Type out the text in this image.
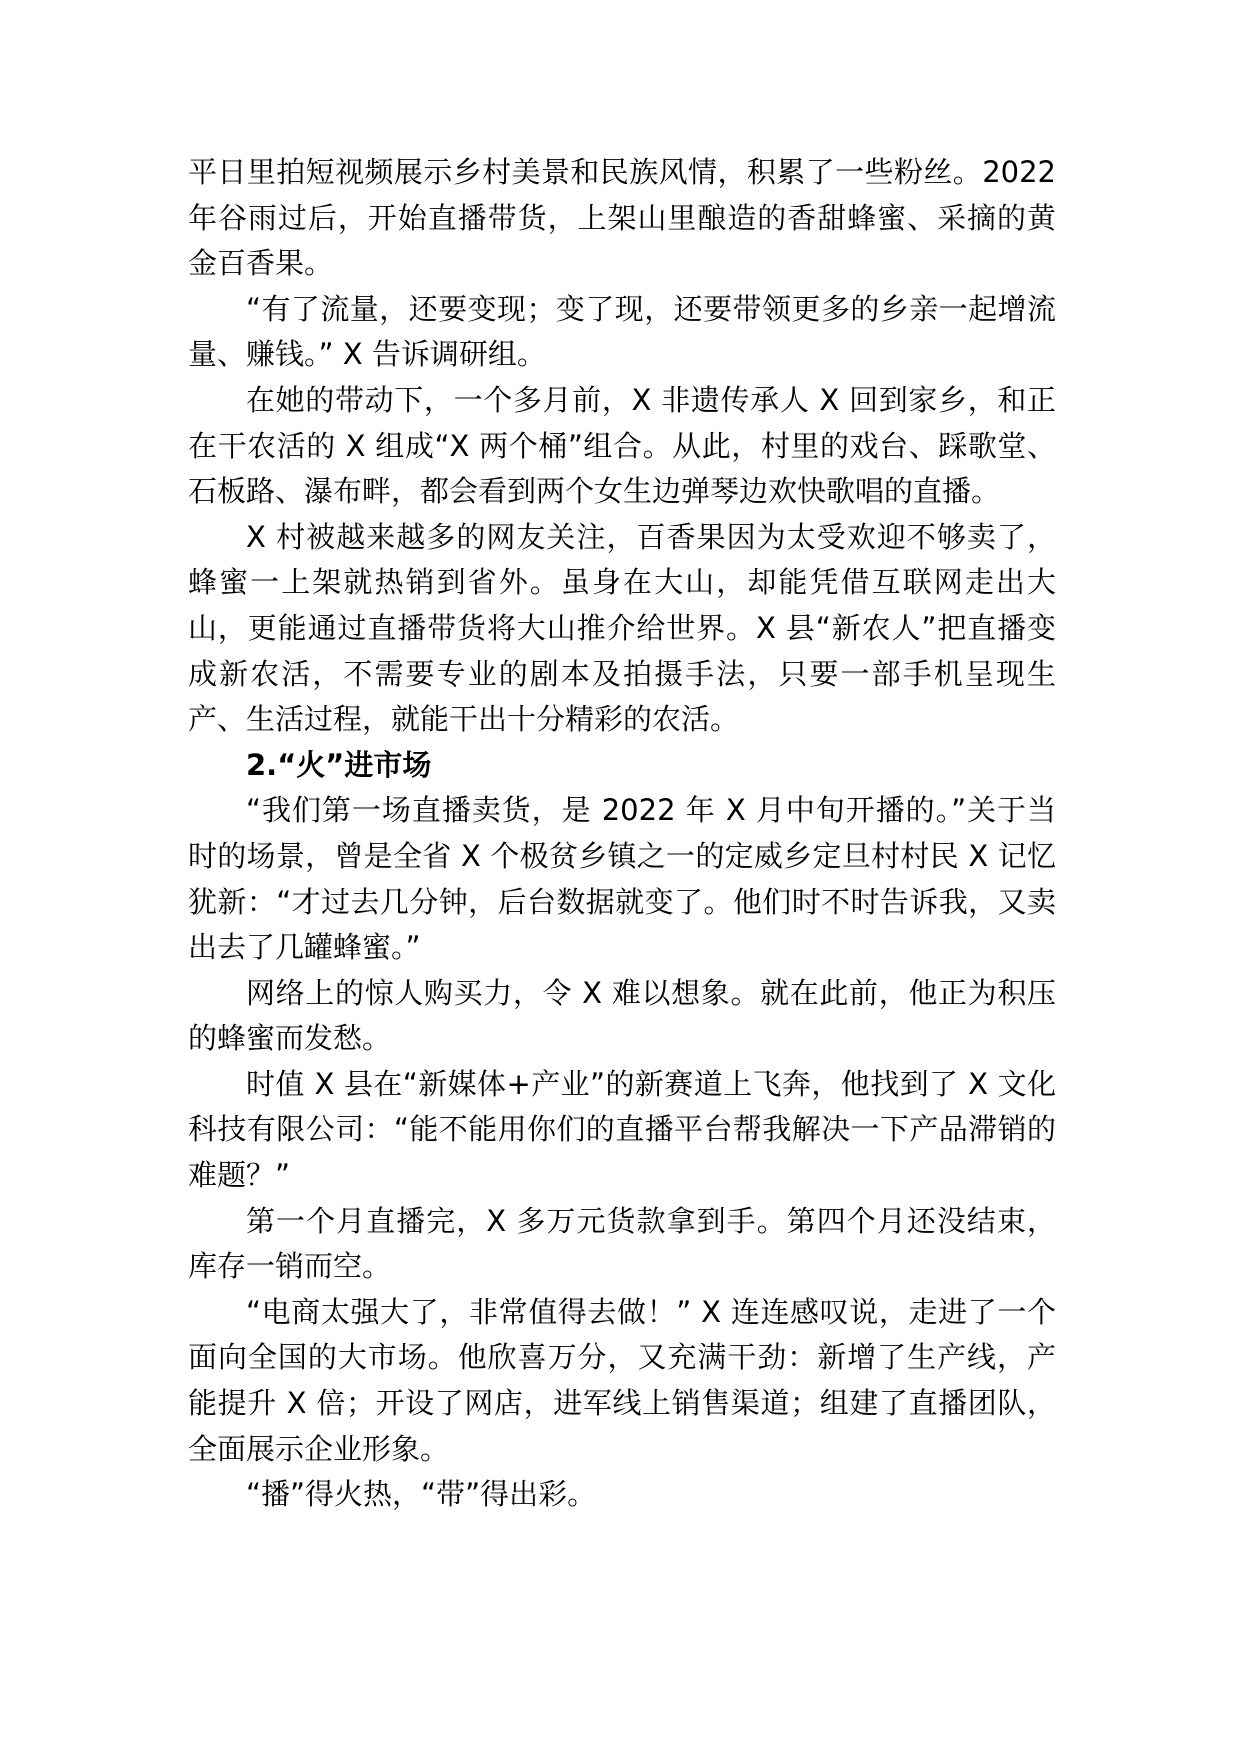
平日里拍短视频展示乡村美景和民族风情，积累了一些粉丝。2022 年谷雨过后，开始直播带货，上架山里酿造的香甜蜂蜜、采摘的黄金百香果。

“有了流量，还要变现；变了现，还要带领更多的乡亲一起增流量、赚钱。” X 告诉调研组。

在她的带动下，一个多月前，X 非遗传承人 X 回到家乡，和正在干农活的 X 组成“X 两个桶”组合。从此，村里的戏台、踩歌堂、石板路、瀑布畔，都会看到两个女生边弹琴边欢快歌唱的直播。

X 村被越来越多的网友关注，百香果因为太受欢迎不够卖了，蜂蜜一上架就热销到省外。虽身在大山，却能凭借互联网走出大山，更能通过直播带货将大山推介给世界。X 县“新农人”把直播变成新农活，不需要专业的剧本及拍摄手法，只要一部手机呈现生产、生活过程，就能干出十分精彩的农活。

2.“火”进市场

“我们第一场直播卖货，是 2022 年 X 月中旬开播的。”关于当时的场景，曾是全省 X 个极贫乡镇之一的定威乡定旦村村民 X 记忆犹新：“才过去几分钟，后台数据就变了。他们时不时告诉我，又卖出去了几罐蜂蜜。”

网络上的惊人购买力，令 X 难以想象。就在此前，他正为积压的蜂蜜而发愁。

时值 X 县在“新媒体+产业”的新赛道上飞奔，他找到了 X 文化科技有限公司：“能不能用你们的直播平台帮我解决一下产品滞销的难题？”

第一个月直播完，X 多万元货款拿到手。第四个月还没结束，库存一销而空。

“电商太强大了，非常值得去做！” X 连连感叹说，走进了一个面向全国的大市场。他欣喜万分，又充满干劲：新增了生产线，产能提升 X 倍；开设了网店，进军线上销售渠道；组建了直播团队，全面展示企业形象。

“播”得火热，“带”得出彩。
